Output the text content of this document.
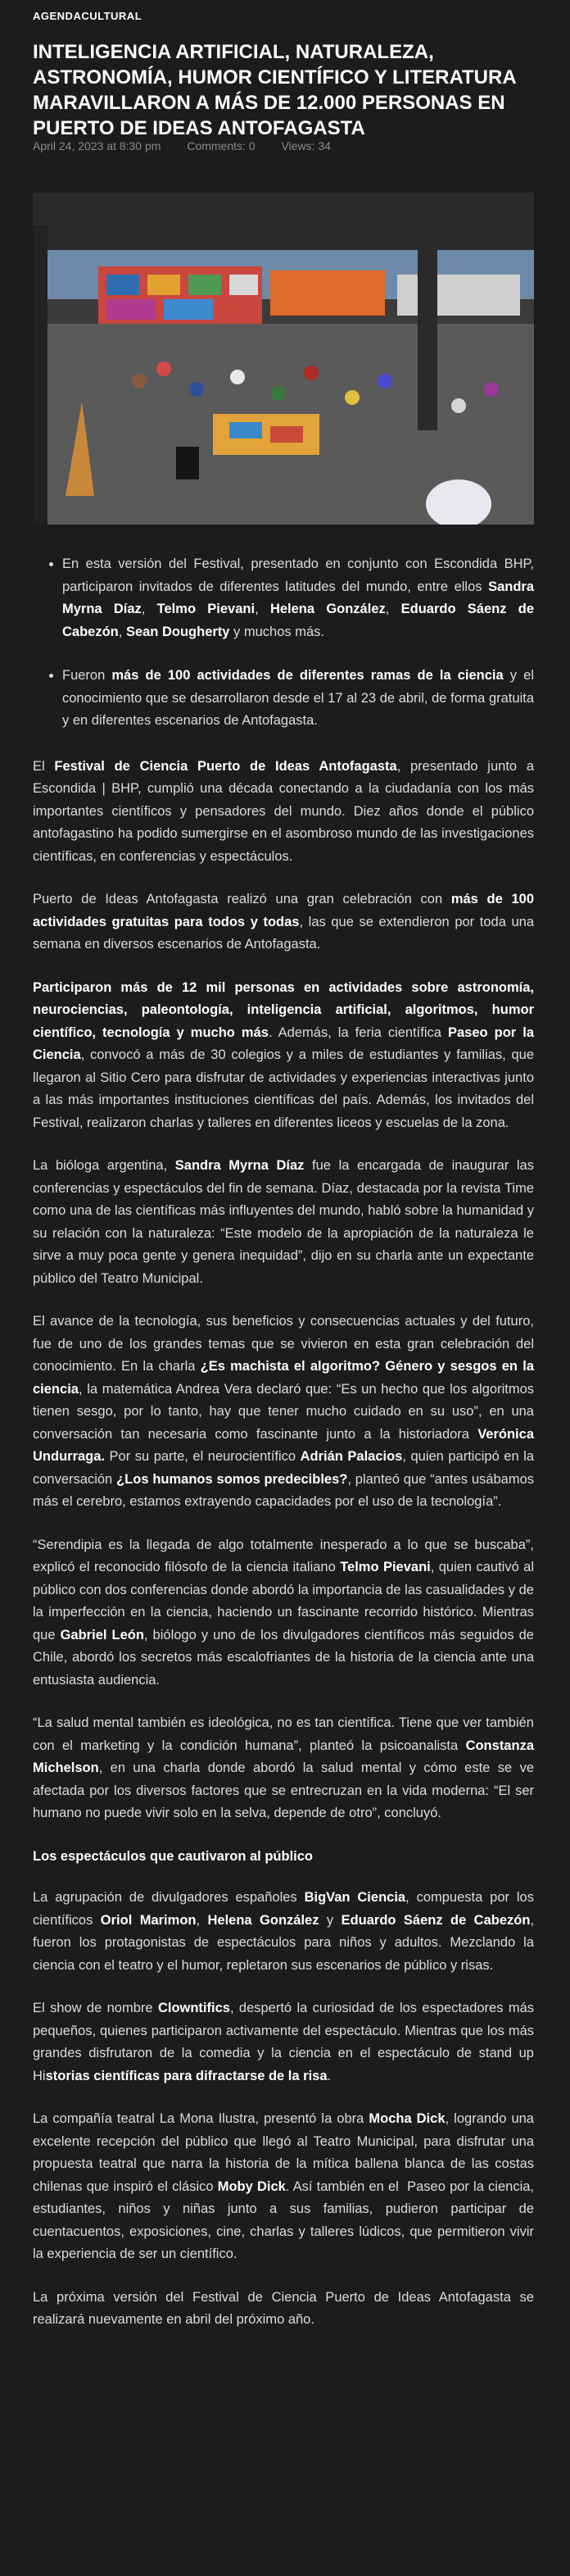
AGENDACULTURAL
INTELIGENCIA ARTIFICIAL, NATURALEZA, ASTRONOMÍA, HUMOR CIENTÍFICO Y LITERATURA MARAVILLARON A MÁS DE 12.000 PERSONAS EN PUERTO DE IDEAS ANTOFAGASTA
April 24, 2023 at 8:30 pm Comments: 0 Views: 34
• En esta versión del Festival, presentado en conjunto con Escondida BHP, participaron invitados de diferentes latitudes del mundo, entre ellos Sandra Myrna Díaz, Telmo Pievani, Helena González, Eduardo Sáenz de Cabezón, Sean Dougherty y muchos más.
• Fueron más de 100 actividades de diferentes ramas de la ciencia y el conocimiento que se desarrollaron desde el 17 al 23 de abril, de forma gratuita y en diferentes escenarios de Antofagasta.

El Festival de Ciencia Puerto de Ideas Antofagasta, presentado junto a Escondida | BHP, cumplió una década conectando a la ciudadanía con los más importantes científicos y pensadores del mundo. Diez años donde el público antofagastino ha podido sumergirse en el asombroso mundo de las investigaciones científicas, en conferencias y espectáculos.

Puerto de Ideas Antofagasta realizó una gran celebración con más de 100 actividades gratuitas para todos y todas, las que se extendieron por toda una semana en diversos escenarios de Antofagasta.

Participaron más de 12 mil personas en actividades sobre astronomía, neurociencias, paleontología, inteligencia artificial, algoritmos, humor científico, tecnología y mucho más. Además, la feria científica Paseo por la Ciencia, convocó a más de 30 colegios y a miles de estudiantes y familias, que llegaron al Sitio Cero para disfrutar de actividades y experiencias interactivas junto a las más importantes instituciones científicas del país. Además, los invitados del Festival, realizaron charlas y talleres en diferentes liceos y escuelas de la zona.

La bióloga argentina, Sandra Myrna Díaz fue la encargada de inaugurar las conferencias y espectáculos del fin de semana. Díaz, destacada por la revista Time como una de las científicas más influyentes del mundo, habló sobre la humanidad y su relación con la naturaleza: “Este modelo de la apropiación de la naturaleza le sirve a muy poca gente y genera inequidad”, dijo en su charla ante un expectante público del Teatro Municipal.

El avance de la tecnología, sus beneficios y consecuencias actuales y del futuro, fue de uno de los grandes temas que se vivieron en esta gran celebración del conocimiento. En la charla ¿Es machista el algoritmo? Género y sesgos en la ciencia, la matemática Andrea Vera declaró que: “Es un hecho que los algoritmos tienen sesgo, por lo tanto, hay que tener mucho cuidado en su uso”, en una conversación tan necesaria como fascinante junto a la historiadora Verónica Undurraga. Por su parte, el neurocientífico Adrián Palacios, quien participó en la conversación ¿Los humanos somos predecibles?, planteó que “antes usábamos más el cerebro, estamos extrayendo capacidades por el uso de la tecnología”.

“Serendipia es la llegada de algo totalmente inesperado a lo que se buscaba”, explicó el reconocido filósofo de la ciencia italiano Telmo Pievani, quien cautivó al público con dos conferencias donde abordó la importancia de las casualidades y de la imperfección en la ciencia, haciendo un fascinante recorrido histórico. Mientras que Gabriel León, biólogo y uno de los divulgadores científicos más seguidos de Chile, abordó los secretos más escalofriantes de la historia de la ciencia ante una entusiasta audiencia.

“La salud mental también es ideológica, no es tan científica. Tiene que ver también con el marketing y la condición humana”, planteó la psicoanalista Constanza Michelson, en una charla donde abordó la salud mental y cómo este se ve afectada por los diversos factores que se entrecruzan en la vida moderna: “El ser humano no puede vivir solo en la selva, depende de otro”, concluyó.

Los espectáculos que cautivaron al público

La agrupación de divulgadores españoles BigVan Ciencia, compuesta por los científicos Oriol Marimon, Helena González y Eduardo Sáenz de Cabezón, fueron los protagonistas de espectáculos para niños y adultos. Mezclando la ciencia con el teatro y el humor, repletaron sus escenarios de público y risas.

El show de nombre Clowntifics, despertó la curiosidad de los espectadores más pequeños, quienes participaron activamente del espectáculo. Mientras que los más grandes disfrutaron de la comedia y la ciencia en el espectáculo de stand up Historias científicas para difractarse de la risa.

La compañía teatral La Mona Ilustra, presentó la obra Mocha Dick, logrando una excelente recepción del público que llegó al Teatro Municipal, para disfrutar una propuesta teatral que narra la historia de la mítica ballena blanca de las costas chilenas que inspiró el clásico Moby Dick. Así también en el  Paseo por la ciencia, estudiantes, niños y niñas junto a sus familias, pudieron participar de cuentacuentos, exposiciones, cine, charlas y talleres lúdicos, que permitieron vivir la experiencia de ser un científico.

La próxima versión del Festival de Ciencia Puerto de Ideas Antofagasta se realizará nuevamente en abril del próximo año.
